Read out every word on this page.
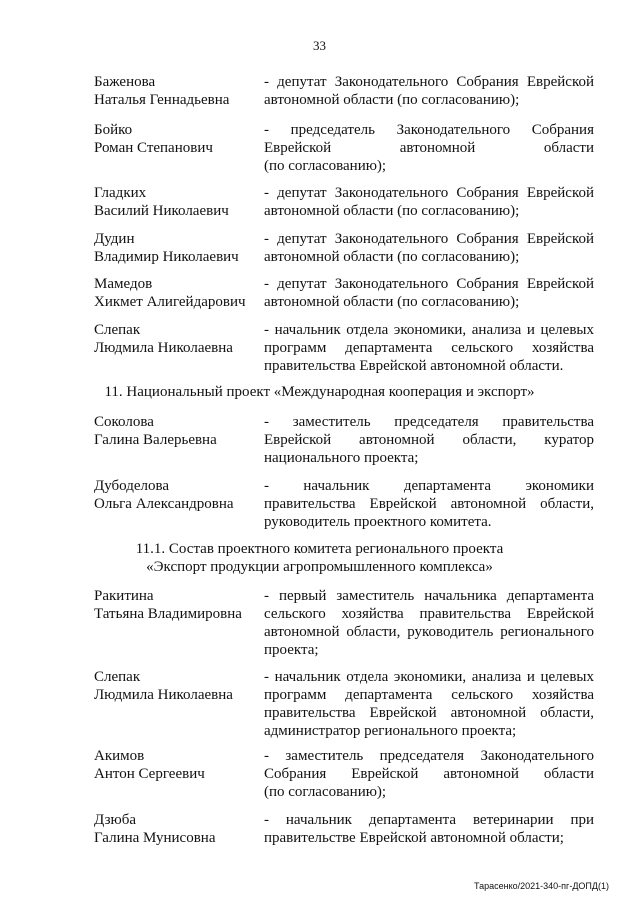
33
Баженова
Наталья Геннадьевна
- депутат Законодательного Собрания Еврейской
автономной области (по согласованию);
Бойко
Роман Степанович
- председатель Законодательного Собрания
Еврейской автономной области
(по согласованию);
Гладких
Василий Николаевич
- депутат Законодательного Собрания Еврейской
автономной области (по согласованию);
Дудин
Владимир Николаевич
- депутат Законодательного Собрания Еврейской
автономной области (по согласованию);
Мамедов
Хикмет Алигейдарович
- депутат Законодательного Собрания Еврейской
автономной области (по согласованию);
Слепак
Людмила Николаевна
- начальник отдела экономики, анализа и целевых
программ департамента сельского хозяйства
правительства Еврейской автономной области.
11. Национальный проект «Международная кооперация и экспорт»
Соколова
Галина Валерьевна
- заместитель председателя правительства
Еврейской автономной области, куратор
национального проекта;
Дубоделова
Ольга Александровна
- начальник департамента экономики
правительства Еврейской автономной области,
руководитель проектного комитета.
11.1. Состав проектного комитета регионального проекта
«Экспорт продукции агропромышленного комплекса»
Ракитина
Татьяна Владимировна
- первый заместитель начальника департамента
сельского хозяйства правительства Еврейской
автономной области, руководитель регионального
проекта;
Слепак
Людмила Николаевна
- начальник отдела экономики, анализа и целевых
программ департамента сельского хозяйства
правительства Еврейской автономной области,
администратор регионального проекта;
Акимов
Антон Сергеевич
- заместитель председателя Законодательного
Собрания Еврейской автономной области
(по согласованию);
Дзюба
Галина Мунисовна
- начальник департамента ветеринарии при
правительстве Еврейской автономной области;
Тарасенко/2021-340-пг-ДОПД(1)
